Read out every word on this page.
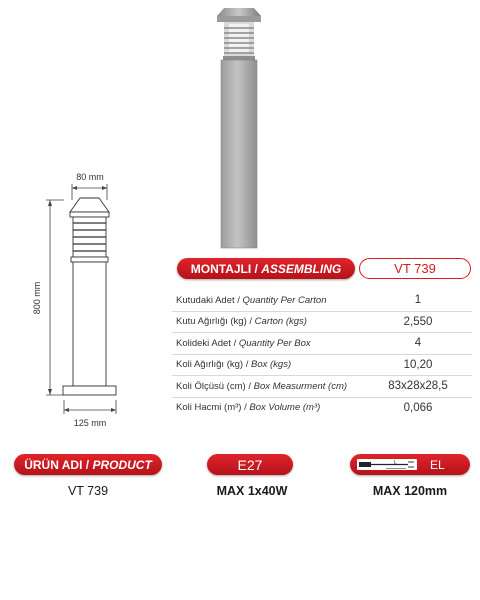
80 mm
800 mm
125 mm
MONTAJLI / ASSEMBLING	VT 739
Kutudaki Adet / Quantity Per Carton	1
Kutu Ağırlığı (kg) / Carton (kgs)	2,550
Kolideki Adet / Quantity Per Box	4
Koli Ağırlığı (kg) / Box (kgs)	10,20
Koli Ölçüsü (cm) / Box Measurment (cm)	83x28x28,5
Koli Hacmi (m³) / Box Volume (m³)	0,066
ÜRÜN ADI / PRODUCT	E27	L	EL
VT 739	MAX 1x40W	MAX 120mm
